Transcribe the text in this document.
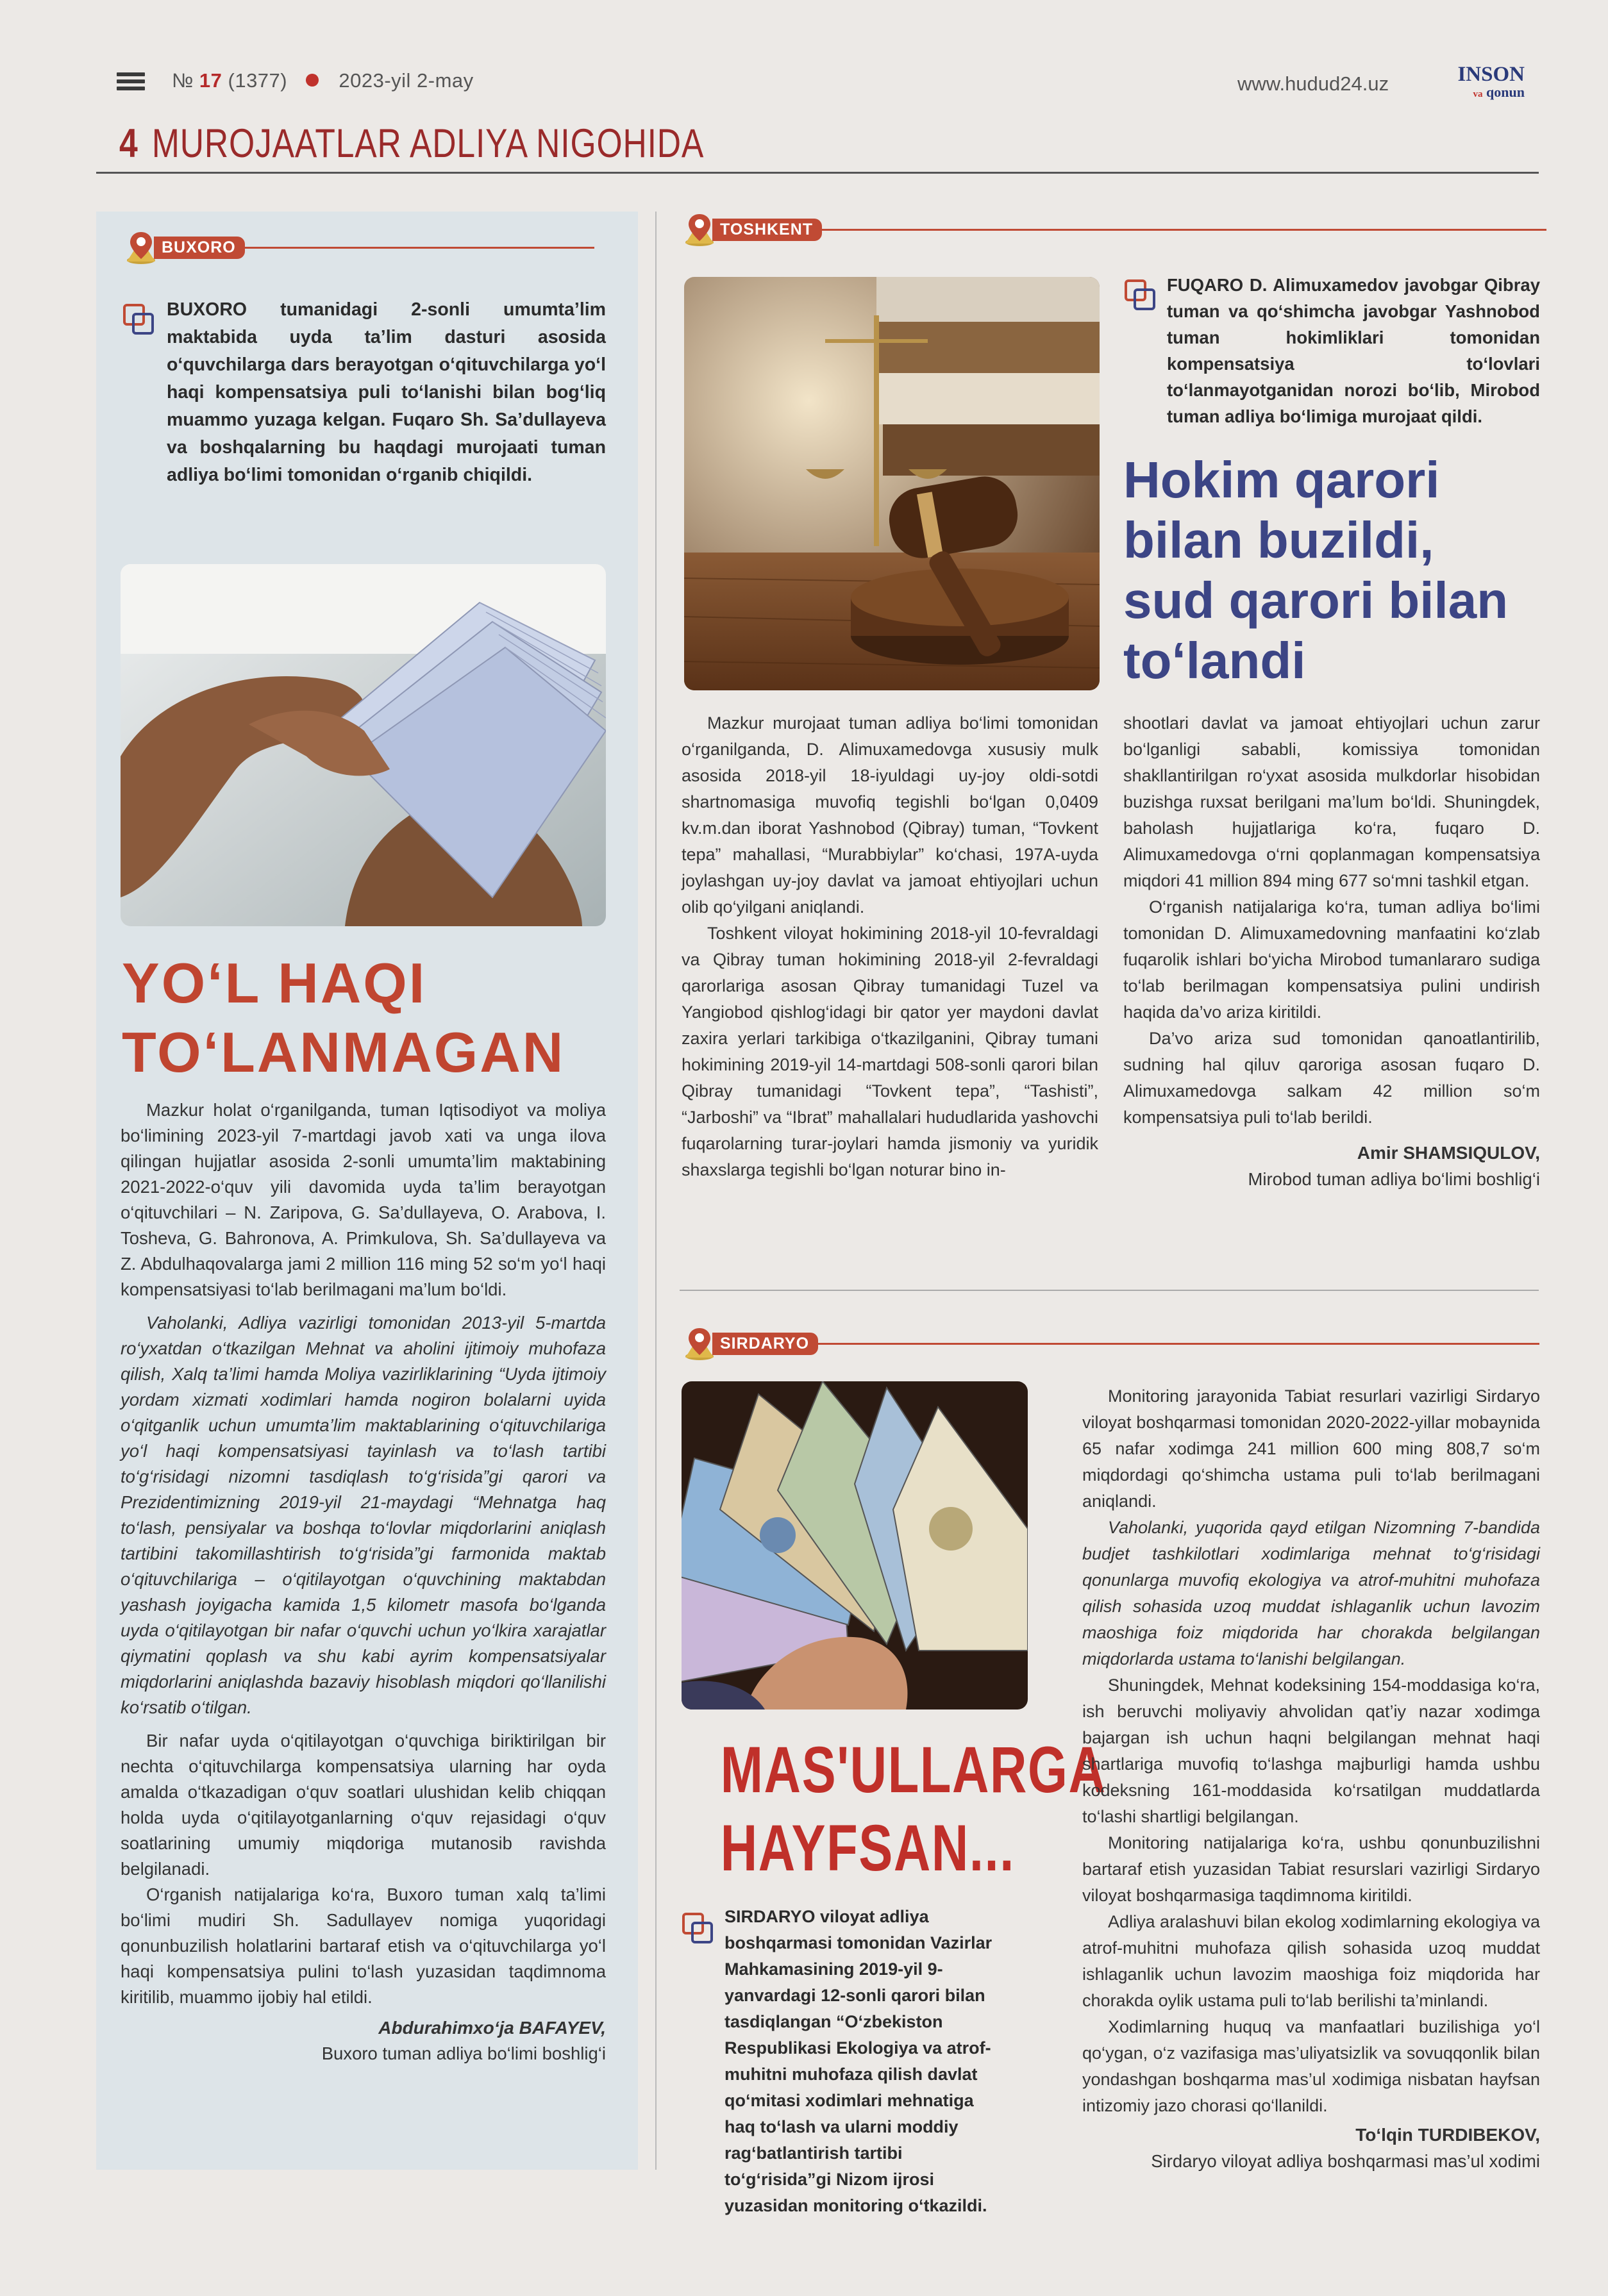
№ 17 (1377)	2023-yil 2-may	www.hudud24.uz	INSON
va qonun
4 MUROJAATLAR ADLIYA NIGOHIDA
BUXORO
BUXORO tumanidagi 2-sonli umumta’lim maktabida uyda ta’lim dasturi asosida o‘quvchilarga dars berayotgan o‘qituvchilarga yo‘l haqi kompensatsiya puli to‘lanishi bilan bog‘liq muammo yuzaga kelgan. Fuqaro Sh. Sa’dullayeva va boshqalarning bu haqdagi murojaati tuman adliya bo‘limi tomonidan o‘rganib chiqildi.
YO‘L HAQI
TO‘LANMAGAN

Mazkur holat o‘rganilganda, tuman Iqtisodiyot va moliya bo‘limining 2023-yil 7-martdagi javob xati va unga ilova qilingan hujjatlar asosida 2-sonli umumta’lim maktabining 2021-2022-o‘quv yili davomida uyda ta’lim berayotgan o‘qituvchilari – N. Zaripova, G. Sa’dullayeva, O. Arabova, I. Tosheva, G. Bahronova, A. Primkulova, Sh. Sa’dullayeva va Z. Abdulhaqovalarga jami 2 million 116 ming 52 so‘m yo‘l haqi kompensatsiyasi to‘lab berilmagani ma’lum bo‘ldi.

Vaholanki, Adliya vazirligi tomonidan 2013-yil 5-martda ro‘yxatdan o‘tkazilgan Mehnat va aholini ijtimoiy muhofaza qilish, Xalq ta’limi hamda Moliya vazirliklarining “Uyda ijtimoiy yordam xizmati xodimlari hamda nogiron bolalarni uyida o‘qitganlik uchun umumta’lim maktablarining o‘qituvchilariga yo‘l haqi kompensatsiyasi tayinlash va to‘lash tartibi to‘g‘risidagi nizomni tasdiqlash to‘g‘risida”gi qarori va Prezidentimizning 2019-yil 21-maydagi “Mehnatga haq to‘lash, pensiyalar va boshqa to‘lovlar miqdorlarini aniqlash tartibini takomillashtirish to‘g‘risida”gi farmonida maktab o‘qituvchilariga – o‘qitilayotgan o‘quvchining maktabdan yashash joyigacha kamida 1,5 kilometr masofa bo‘lganda uyda o‘qitilayotgan bir nafar o‘quvchi uchun yo‘lkira xarajatlar qiymatini qoplash va shu kabi ayrim kompensatsiyalar miqdorlarini aniqlashda bazaviy hisoblash miqdori qo‘llanilishi ko‘rsatib o‘tilgan.

Bir nafar uyda o‘qitilayotgan o‘quvchiga biriktirilgan bir nechta o‘qituvchilarga kompensatsiya ularning har oyda amalda o‘tkazadigan o‘quv soatlari ulushidan kelib chiqqan holda uyda o‘qitilayotganlarning o‘quv rejasidagi o‘quv soatlarining umumiy miqdoriga mutanosib ravishda belgilanadi.

O‘rganish natijalariga ko‘ra, Buxoro tuman xalq ta’limi bo‘limi mudiri Sh. Sadullayev nomiga yuqoridagi qonunbuzilish holatlarini bartaraf etish va o‘qituvchilarga yo‘l haqi kompensatsiya pulini to‘lash yuzasidan taqdimnoma kiritilib, muammo ijobiy hal etildi.

Abdurahimxo‘ja BAFAYEV,
Buxoro tuman adliya bo‘limi boshlig‘i
TOSHKENT
FUQARO D. Alimuxamedov javobgar Qibray tuman va qo‘shimcha javobgar Yashnobod tuman hokimliklari tomonidan kompensatsiya to‘lovlari to‘lanmayotganidan norozi bo‘lib, Mirobod tuman adliya bo‘limiga murojaat qildi.
Hokim qarori
bilan buzildi,
sud qarori bilan
to‘landi

Mazkur murojaat tuman adliya bo‘limi tomonidan o‘rganilganda, D. Alimuxamedovga xususiy mulk asosida 2018-yil 18-iyuldagi uy-joy oldi-sotdi shartnomasiga muvofiq tegishli bo‘lgan 0,0409 kv.m.dan iborat Yashnobod (Qibray) tuman, “Tovkent tepa” mahallasi, “Murabbiylar” ko‘chasi, 197A-uyda joylashgan uy-joy davlat va jamoat ehtiyojlari uchun olib qo‘yilgani aniqlandi.

Toshkent viloyat hokimining 2018-yil 10-fevraldagi va Qibray tuman hokimining 2018-yil 2-fevraldagi qarorlariga asosan Qibray tumanidagi Tuzel va Yangiobod qishlog‘idagi bir qator yer maydoni davlat zaxira yerlari tarkibiga o‘tkazilganini, Qibray tumani hokimining 2019-yil 14-martdagi 508-sonli qarori bilan Qibray tumanidagi “Tovkent tepa”, “Tashisti”, “Jarboshi” va “Ibrat” mahallalari hududlarida yashovchi fuqarolarning turar-joylari hamda jismoniy va yuridik shaxslarga tegishli bo‘lgan noturar bino in-

shootlari davlat va jamoat ehtiyojlari uchun zarur bo‘lganligi sababli, komissiya tomonidan shakllantirilgan ro‘yxat asosida mulkdorlar hisobidan buzishga ruxsat berilgani ma’lum bo‘ldi. Shuningdek, baholash hujjatlariga ko‘ra, fuqaro D. Alimuxamedovga o‘rni qoplanmagan kompensatsiya miqdori 41 million 894 ming 677 so‘mni tashkil etgan.

O‘rganish natijalariga ko‘ra, tuman adliya bo‘limi tomonidan D. Alimuxamedovning manfaatini ko‘zlab fuqarolik ishlari bo‘yicha Mirobod tumanlararo sudiga to‘lab berilmagan kompensatsiya pulini undirish haqida da’vo ariza kiritildi.

Da’vo ariza sud tomonidan qanoatlantirilib, sudning hal qiluv qaroriga asosan fuqaro D. Alimuxamedovga salkam 42 million so‘m kompensatsiya puli to‘lab berildi.

Amir SHAMSIQULOV,
Mirobod tuman adliya bo‘limi boshlig‘i
SIRDARYO
MAS'ULLARGA
HAYFSAN...
SIRDARYO viloyat adliya boshqarmasi tomonidan Vazirlar Mahkamasining 2019-yil 9-yanvardagi 12-sonli qarori bilan tasdiqlangan “O‘zbekiston Respublikasi Ekologiya va atrof-muhitni muhofaza qilish davlat qo‘mitasi xodimlari mehnatiga haq to‘lash va ularni moddiy rag‘batlantirish tartibi to‘g‘risida”gi Nizom ijrosi yuzasidan monitoring o‘tkazildi.

Monitoring jarayonida Tabiat resurlari vazirligi Sirdaryo viloyat boshqarmasi tomonidan 2020-2022-yillar mobaynida 65 nafar xodimga 241 million 600 ming 808,7 so‘m miqdordagi qo‘shimcha ustama puli to‘lab berilmagani aniqlandi.

Vaholanki, yuqorida qayd etilgan Nizomning 7-bandida budjet tashkilotlari xodimlariga mehnat to‘g‘risidagi qonunlarga muvofiq ekologiya va atrof-muhitni muhofaza qilish sohasida uzoq muddat ishlaganlik uchun lavozim maoshiga foiz miqdorida har chorakda belgilangan miqdorlarda ustama to‘lanishi belgilangan.

Shuningdek, Mehnat kodeksining 154-moddasiga ko‘ra, ish beruvchi moliyaviy ahvolidan qat’iy nazar xodimga bajargan ish uchun haqni belgilangan mehnat haqi shartlariga muvofiq to‘lashga majburligi hamda ushbu kodeksning 161-moddasida ko‘rsatilgan muddatlarda to‘lashi shartligi belgilangan.

Monitoring natijalariga ko‘ra, ushbu qonunbuzilishni bartaraf etish yuzasidan Tabiat resurslari vazirligi Sirdaryo viloyat boshqarmasiga taqdimnoma kiritildi.

Adliya aralashuvi bilan ekolog xodimlarning ekologiya va atrof-muhitni muhofaza qilish sohasida uzoq muddat ishlaganlik uchun lavozim maoshiga foiz miqdorida har chorakda oylik ustama puli to‘lab berilishi ta’minlandi.

Xodimlarning huquq va manfaatlari buzilishiga yo‘l qo‘ygan, o‘z vazifasiga mas’uliyatsizlik va sovuqqonlik bilan yondashgan boshqarma mas’ul xodimiga nisbatan hayfsan intizomiy jazo chorasi qo‘llanildi.

To‘lqin TURDIBEKOV,
Sirdaryo viloyat adliya boshqarmasi mas’ul xodimi
